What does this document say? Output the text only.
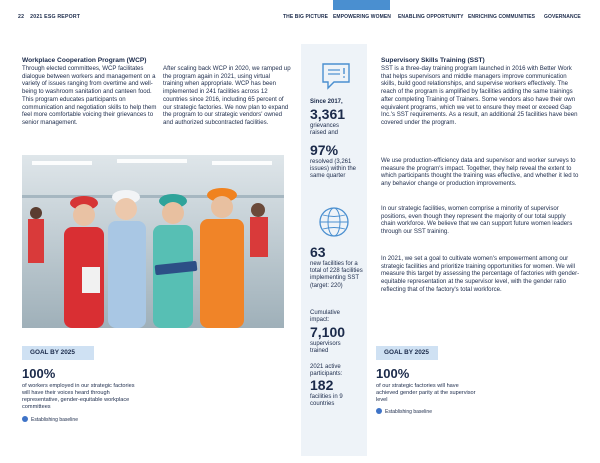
22 2021 ESG REPORT	THE BIG PICTURE EMPOWERING WOMEN ENABLING OPPORTUNITY ENRICHING COMMUNITIES GOVERNANCE
Workplace Cooperation Program (WCP)
Through elected committees, WCP facilitates dialogue between workers and management on a variety of issues ranging from overtime and well-being to washroom sanitation and canteen food. This program educates participants on communication and negotiation skills to help them feel more comfortable voicing their grievances to senior management.
After scaling back WCP in 2020, we ramped up the program again in 2021, using virtual training when appropriate. WCP has been implemented in 241 facilities across 12 countries since 2016, including 65 percent of our strategic factories. We now plan to expand the program to our strategic vendors' owned and authorized subcontracted facilities.
Since 2017,
3,361
grievances raised and
97%
resolved (3,261 issues) within the same quarter
63
new facilities for a total of 228 facilities implementing SST (target: 220)
Cumulative impact:
7,100
supervisors trained
2021 active participants:
182
facilities in 9 countries
Supervisory Skills Training (SST)
SST is a three-day training program launched in 2016 with Better Work that helps supervisors and middle managers improve communication skills, build good relationships, and supervise workers effectively. The reach of the program is amplified by facilities adding the same trainings after completing Training of Trainers. Some vendors also have their own equivalent programs, which we vet to ensure they meet or exceed Gap Inc.'s SST requirements. As a result, an additional 25 facilities have been covered under the program.
We use production-efficiency data and supervisor and worker surveys to measure the program's impact. Together, they help reveal the extent to which participants thought the training was effective, and whether it led to any behavior change or production improvements.
In our strategic facilities, women comprise a minority of supervisor positions, even though they represent the majority of our total supply chain workforce. We believe that we can support future women leaders through our SST training.
In 2021, we set a goal to cultivate women's empowerment among our strategic facilities and prioritize training opportunities for women. We will measure this target by assessing the percentage of factories with gender-equitable representation at the supervisor level, with the gender ratio reflecting that of the factory's total workforce.
GOAL BY 2025
100%
of workers employed in our strategic factories will have their voices heard through representative, gender-equitable workplace committees
Establishing baseline
GOAL BY 2025
100%
of our strategic factories will have achieved gender parity at the supervisor level
Establishing baseline
